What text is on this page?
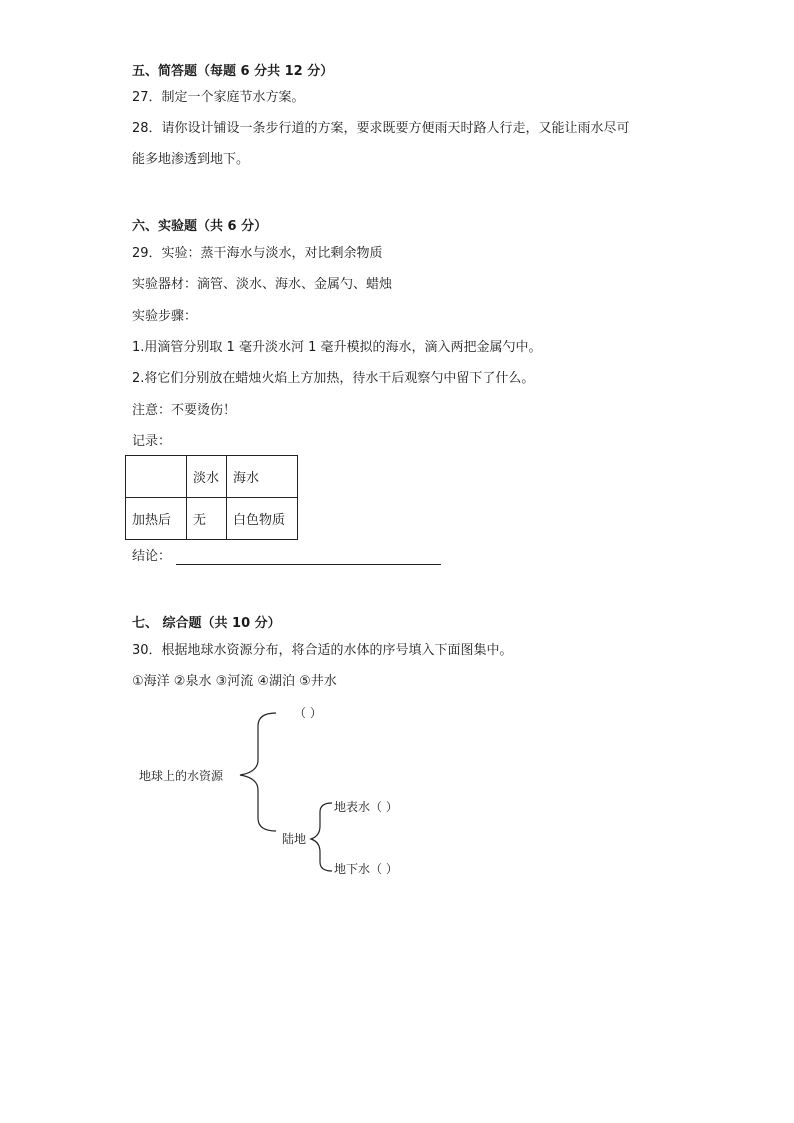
五、简答题（每题 6 分共 12 分）
27．制定一个家庭节水方案。
28．请你设计铺设一条步行道的方案，要求既要方便雨天时路人行走，又能让雨水尽可
能多地渗透到地下。
六、实验题（共 6 分）
29．实验：蒸干海水与淡水，对比剩余物质
实验器材：滴管、淡水、海水、金属勺、蜡烛
实验步骤：
1.用滴管分别取 1 毫升淡水河 1 毫升模拟的海水，滴入两把金属勺中。
2.将它们分别放在蜡烛火焰上方加热，待水干后观察勺中留下了什么。
注意：不要烫伤！
记录：
	淡水	海水
加热后	无	白色物质
结论：
七、 综合题（共 10 分）
30．根据地球水资源分布，将合适的水体的序号填入下面图集中。
①海洋 ②泉水 ③河流 ④湖泊 ⑤井水
地球上的水资源
（ ）
陆地
地表水（ ）
地下水（ ）
